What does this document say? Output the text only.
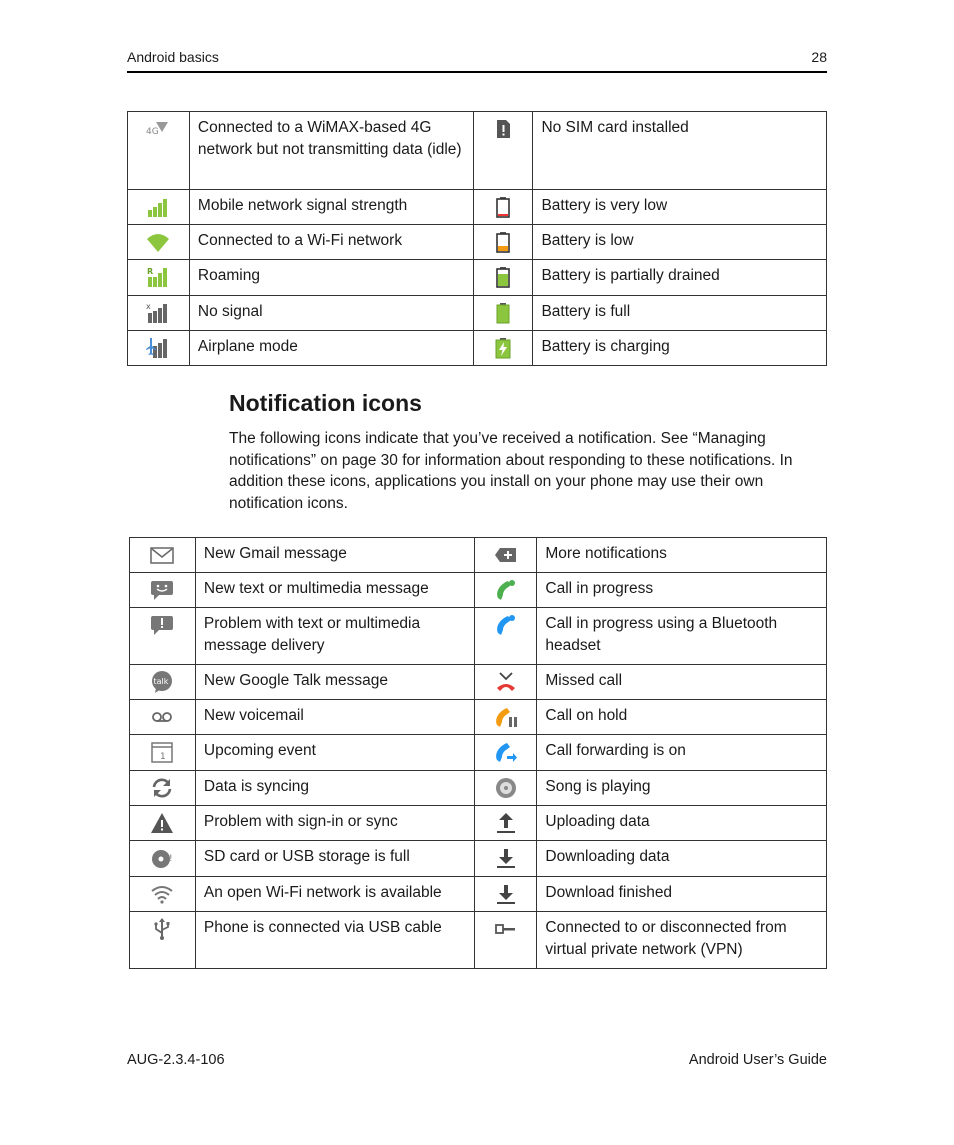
Android basics	28
4G	Connected to a WiMAX-based 4G network but not transmitting data (idle)		No SIM card installed

	Mobile network signal strength		Battery is very low

	Connected to a Wi-Fi network		Battery is low

R	Roaming		Battery is partially drained

x	No signal		Battery is full

	Airplane mode		Battery is charging
Notification icons

The following icons indicate that you’ve received a notification. See “Managing notifications” on page 30 for information about responding to these notifications. In addition these icons, applications you install on your phone may use their own notification icons.

	New Gmail message		More notifications

	New text or multimedia message		Call in progress

	Problem with text or multimedia message delivery		Call in progress using a Bluetooth headset

talk	New Google Talk message		Missed call

	New voicemail		Call on hold

1	Upcoming event		Call forwarding is on

	Data is syncing		Song is playing

	Problem with sign-in or sync		Uploading data

!	SD card or USB storage is full		Downloading data

	An open Wi-Fi network is available		Download finished

	Phone is connected via USB cable		Connected to or disconnected from virtual private network (VPN)
AUG-2.3.4-106	Android User’s Guide
